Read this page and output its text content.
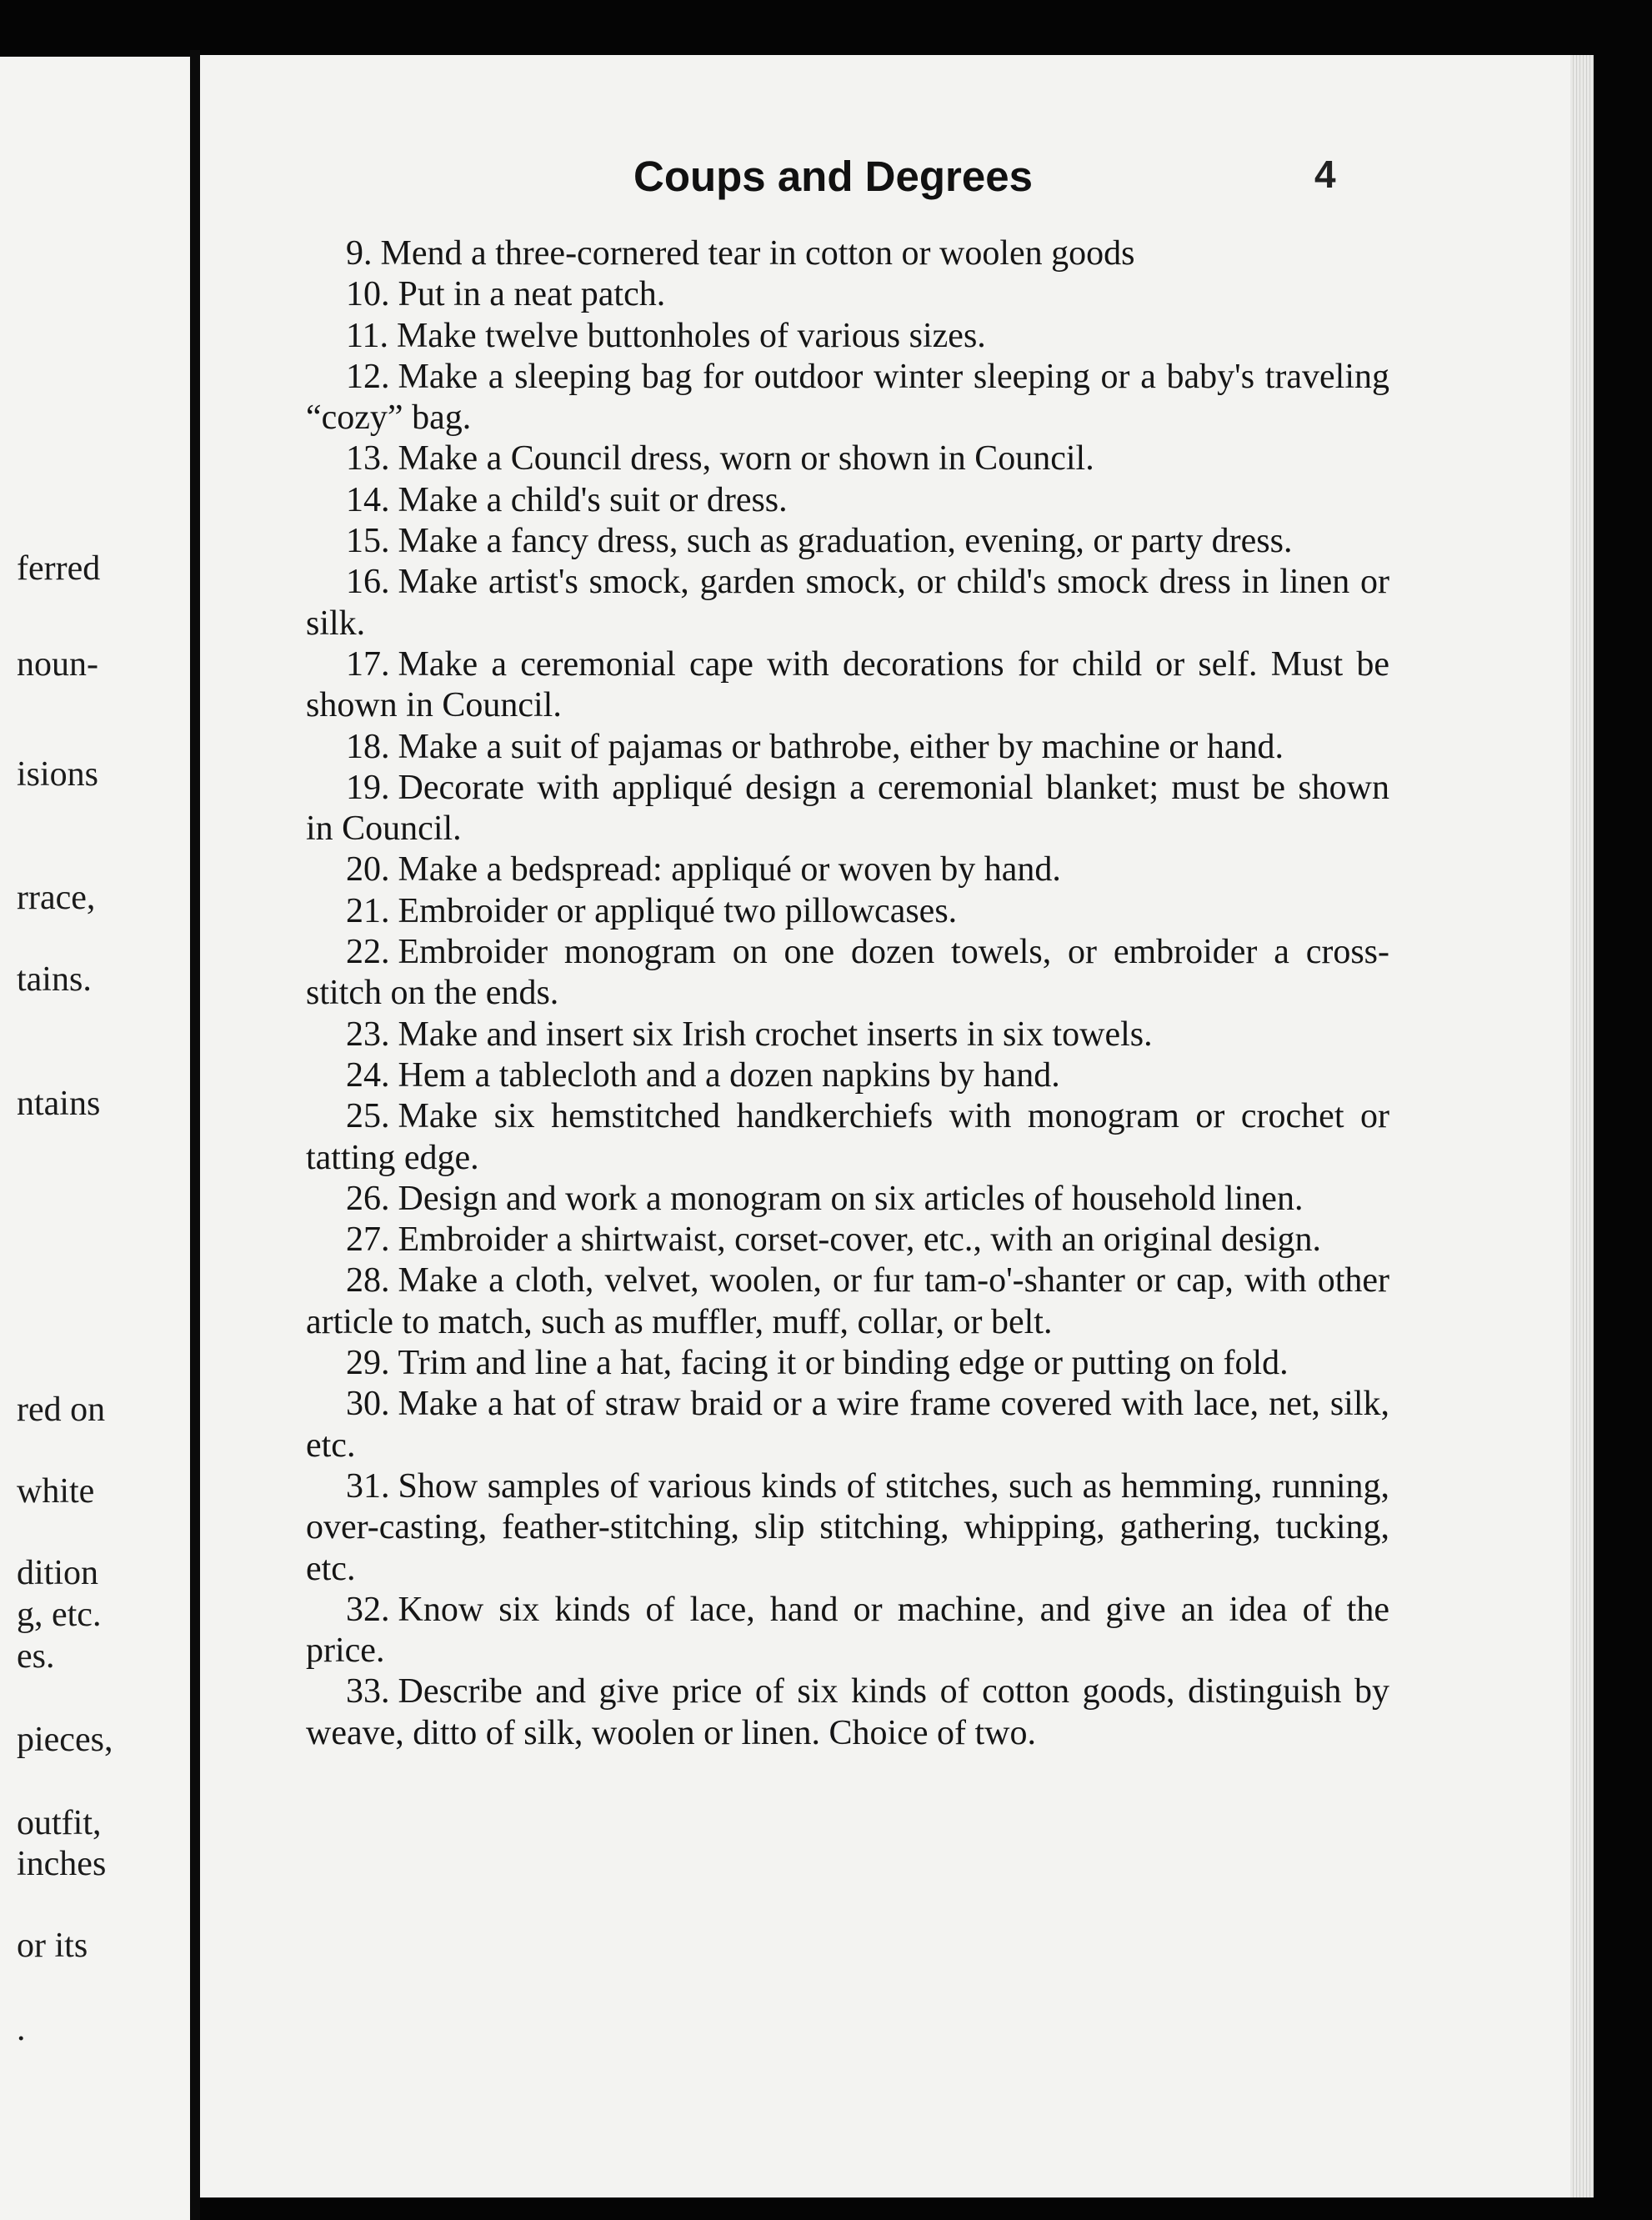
ferred
noun-
isions
rrace,
tains.
ntains
red on
white
dition
g, etc.
es.
pieces,
outfit,
inches
or its
.
Coups and Degrees	4

9. Mend a three-cornered tear in cotton or woolen goods

10. Put in a neat patch.

11. Make twelve buttonholes of various sizes.

12. Make a sleeping bag for outdoor winter sleeping or a baby's traveling “cozy” bag.

13. Make a Council dress, worn or shown in Council.

14. Make a child's suit or dress.

15. Make a fancy dress, such as graduation, evening, or party dress.

16. Make artist's smock, garden smock, or child's smock dress in linen or silk.

17. Make a ceremonial cape with decorations for child or self. Must be shown in Council.

18. Make a suit of pajamas or bathrobe, either by machine or hand.

19. Decorate with appliqué design a ceremonial blanket; must be shown in Council.

20. Make a bedspread: appliqué or woven by hand.

21. Embroider or appliqué two pillowcases.

22. Embroider monogram on one dozen towels, or embroider a cross-stitch on the ends.

23. Make and insert six Irish crochet inserts in six towels.

24. Hem a tablecloth and a dozen napkins by hand.

25. Make six hemstitched handkerchiefs with monogram or crochet or tatting edge.

26. Design and work a monogram on six articles of household linen.

27. Embroider a shirtwaist, corset-cover, etc., with an original design.

28. Make a cloth, velvet, woolen, or fur tam-o'-shanter or cap, with other article to match, such as muffler, muff, collar, or belt.

29. Trim and line a hat, facing it or binding edge or putting on fold.

30. Make a hat of straw braid or a wire frame covered with lace, net, silk, etc.

31. Show samples of various kinds of stitches, such as hemming, running, over-casting, feather-stitching, slip stitching, whipping, gathering, tucking, etc.

32. Know six kinds of lace, hand or machine, and give an idea of the price.

33. Describe and give price of six kinds of cotton goods, distinguish by weave, ditto of silk, woolen or linen. Choice of two.
